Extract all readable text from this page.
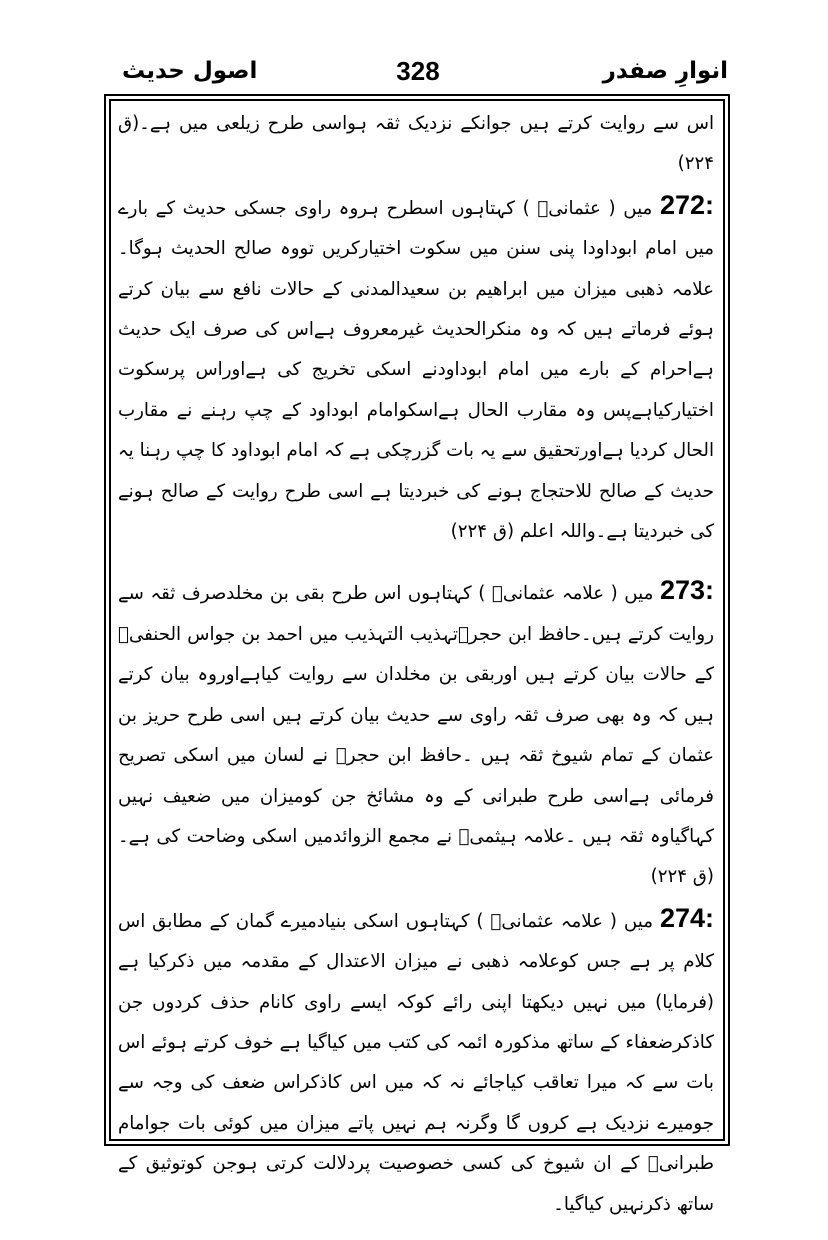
انوارِ صفدر
328
اصول حدیث

اس سے روایت کرتے ہیں جوانکے نزدیک ثقہ ہواسی طرح زیلعی میں ہے۔(ق ۲۲۴)

272: میں ( عثمانیؒ ) کہتاہوں اسطرح ہروہ راوی جسکی حدیث کے بارے میں امام ابوداودا پنی سنن میں سکوت اختیارکریں تووہ صالح الحدیث ہوگا۔علامہ ذھبی میزان میں ابراھیم بن سعیدالمدنی کے حالات نافع سے بیان کرتے ہوئے فرماتے ہیں کہ وہ منکرالحدیث غیرمعروف ہےاس کی صرف ایک حدیث ہےاحرام کے بارے میں امام ابوداودنے اسکی تخریج کی ہےاوراس پرسکوت اختیارکیاہےپس وہ مقارب الحال ہےاسکوامام ابوداود کے چپ رہنے نے مقارب الحال کردیا ہےاورتحقیق سے یہ بات گزرچکی ہے کہ امام ابوداود کا چپ رہنا یہ حدیث کے صالح للاحتجاج ہونے کی خبردیتا ہے اسی طرح روایت کے صالح ہونے کی خبردیتا ہے۔واللہ اعلم (ق ۲۲۴)

273: میں ( علامہ عثمانیؒ ) کہتاہوں اس طرح بقی بن مخلدصرف ثقہ سے روایت کرتے ہیں۔حافظ ابن حجرؒتہذیب التہذیب میں احمد بن جواس الحنفیؒ کے حالات بیان کرتے ہیں اوربقی بن مخلدان سے روایت کیاہےاوروہ بیان کرتے ہیں کہ وہ بھی صرف ثقہ راوی سے حدیث بیان کرتے ہیں اسی طرح حریز بن عثمان کے تمام شیوخ ثقہ ہیں ۔حافظ ابن حجرؒ نے لسان میں اسکی تصریح فرمائی ہےاسی طرح طبرانی کے وہ مشائخ جن کومیزان میں ضعیف نہیں کہاگیاوہ ثقہ ہیں ۔علامہ ہیثمیؒ نے مجمع الزوائدمیں اسکی وضاحت کی ہے۔(ق ۲۲۴)

274: میں ( علامہ عثمانیؒ ) کہتاہوں اسکی بنیادمیرے گمان کے مطابق اس کلام پر ہے جس کوعلامہ ذھبی نے میزان الاعتدال کے مقدمہ میں ذکرکیا ہے (فرمایا) میں نہیں دیکھتا اپنی رائے کوکہ ایسے راوی کانام حذف کردوں جن کاذکرضعفاء کے ساتھ مذکورہ ائمہ کی کتب میں کیاگیا ہے خوف کرتے ہوئے اس بات سے کہ میرا تعاقب کیاجائے نہ کہ میں اس کاذکراس ضعف کی وجہ سے جومیرے نزدیک ہے کروں گا وگرنہ ہم نہیں پاتے میزان میں کوئی بات جوامام طبرانیؒ کے ان شیوخ کی کسی خصوصیت پردلالت کرتی ہوجن کوتوثیق کے ساتھ ذکرنہیں کیاگیا۔
